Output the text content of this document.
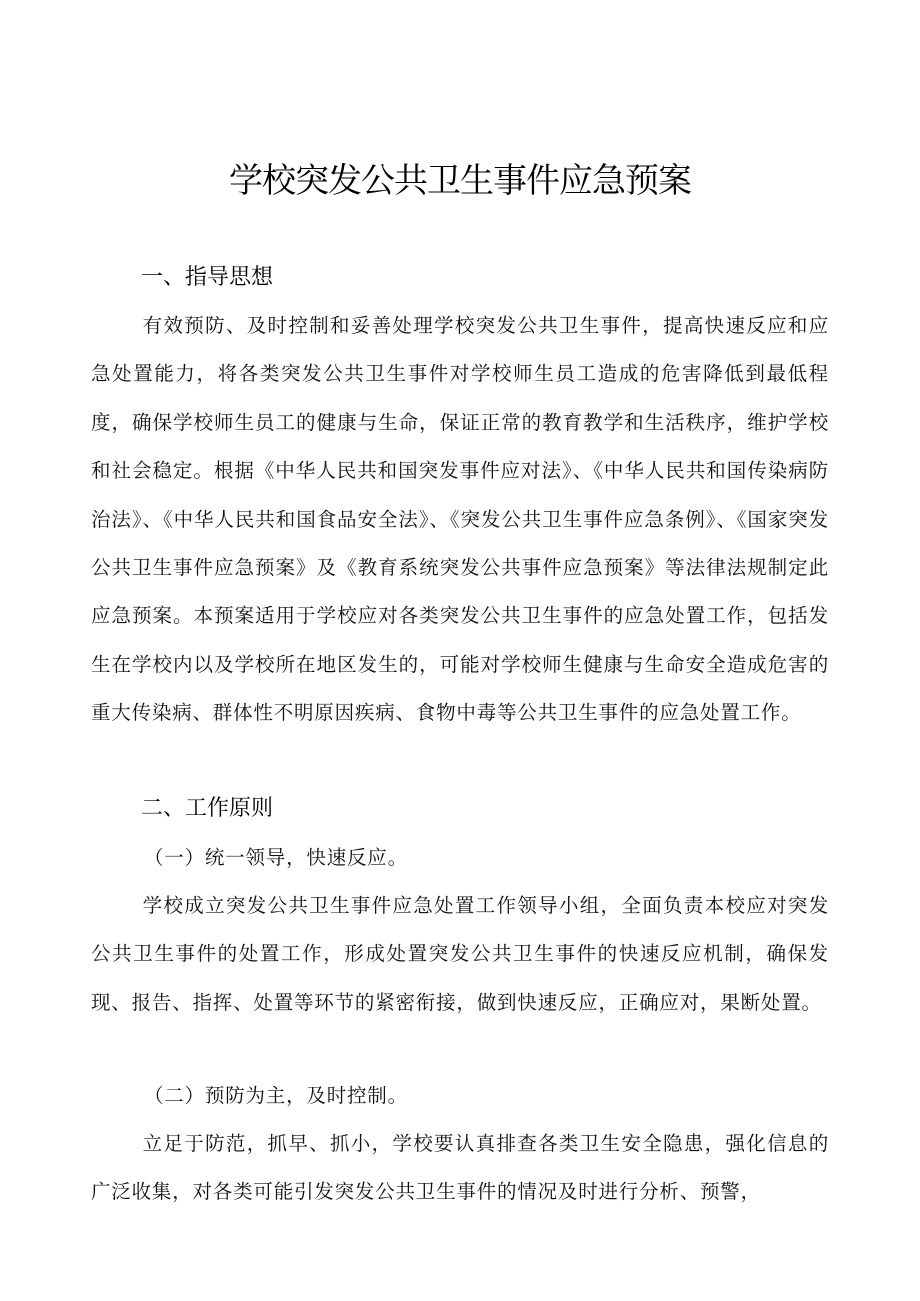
学校突发公共卫生事件应急预案
一、指导思想

有效预防、及时控制和妥善处理学校突发公共卫生事件，提高快速反应和应急处置能力，将各类突发公共卫生事件对学校师生员工造成的危害降低到最低程度，确保学校师生员工的健康与生命，保证正常的教育教学和生活秩序，维护学校和社会稳定。根据《中华人民共和国突发事件应对法》、《中华人民共和国传染病防治法》、《中华人民共和国食品安全法》、《突发公共卫生事件应急条例》、《国家突发公共卫生事件应急预案》及《教育系统突发公共事件应急预案》等法律法规制定此应急预案。本预案适用于学校应对各类突发公共卫生事件的应急处置工作，包括发生在学校内以及学校所在地区发生的，可能对学校师生健康与生命安全造成危害的重大传染病、群体性不明原因疾病、食物中毒等公共卫生事件的应急处置工作。

二、工作原则
（一）统一领导，快速反应。

学校成立突发公共卫生事件应急处置工作领导小组，全面负责本校应对突发公共卫生事件的处置工作，形成处置突发公共卫生事件的快速反应机制，确保发现、报告、指挥、处置等环节的紧密衔接，做到快速反应，正确应对，果断处置。

（二）预防为主，及时控制。

立足于防范，抓早、抓小，学校要认真排查各类卫生安全隐患，强化信息的广泛收集，对各类可能引发突发公共卫生事件的情况及时进行分析、预警，
